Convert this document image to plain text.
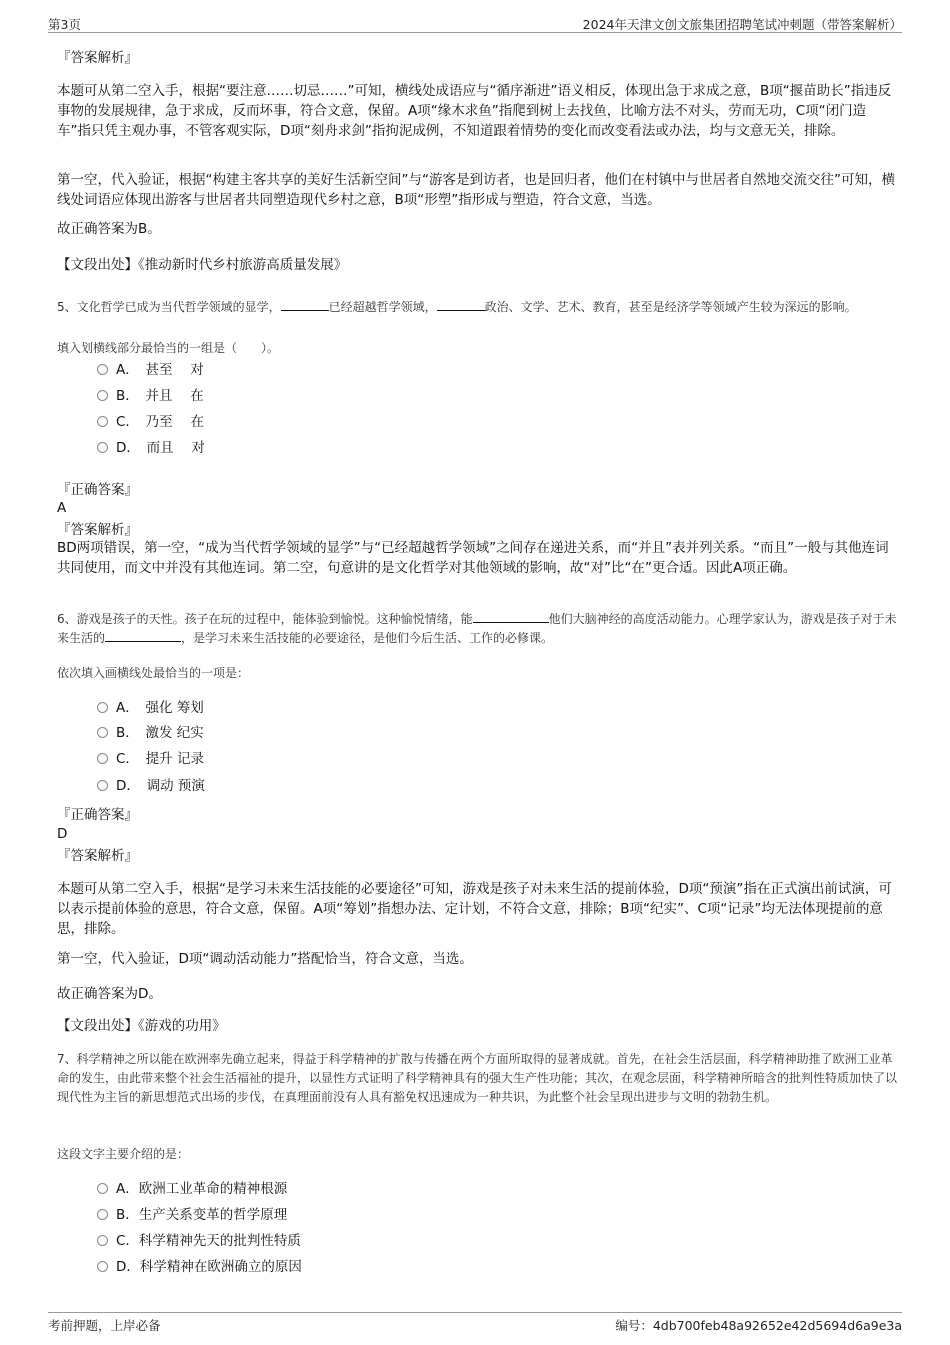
第3页	2024年天津文创文旅集团招聘笔试冲刺题（带答案解析）
『答案解析』
本题可从第二空入手，根据“要注意……切忌……”可知，横线处成语应与“循序渐进”语义相反，体现出急于求成之意，B项“揠苗助长”指违反事物的发展规律，急于求成，反而坏事，符合文意，保留。A项“缘木求鱼”指爬到树上去找鱼，比喻方法不对头，劳而无功，C项“闭门造车”指只凭主观办事，不管客观实际，D项“刻舟求剑”指拘泥成例，不知道跟着情势的变化而改变看法或办法，均与文意无关，排除。
第一空，代入验证，根据“构建主客共享的美好生活新空间”与“游客是到访者，也是回归者，他们在村镇中与世居者自然地交流交往”可知，横线处词语应体现出游客与世居者共同塑造现代乡村之意，B项“形塑”指形成与塑造，符合文意，当选。
故正确答案为B。
【文段出处】《推动新时代乡村旅游高质量发展》
5、文化哲学已成为当代哲学领域的显学，	已经超越哲学领域，	政治、文学、艺术、教育，甚至是经济学等领域产生较为深远的影响。
填入划横线部分最恰当的一组是（　　）。
A．　甚至　 对
B．　并且　 在
C．　乃至　 在
D．　而且　 对
『正确答案』
A
『答案解析』
BD两项错误，第一空，“成为当代哲学领域的显学”与“已经超越哲学领域”之间存在递进关系，而“并且”表并列关系。“而且”一般与其他连词共同使用，而文中并没有其他连词。第二空，句意讲的是文化哲学对其他领域的影响，故“对”比“在”更合适。因此A项正确。
6、游戏是孩子的天性。孩子在玩的过程中，能体验到愉悦。这种愉悦情绪，能	他们大脑神经的高度活动能力。心理学家认为，游戏是孩子对于未来生活的	，是学习未来生活技能的必要途径，是他们今后生活、工作的必修课。
依次填入画横线处最恰当的一项是：
A．　强化 筹划
B．　激发 纪实
C．　提升 记录
D．　调动 预演
『正确答案』
D
『答案解析』
本题可从第二空入手，根据“是学习未来生活技能的必要途径”可知，游戏是孩子对未来生活的提前体验，D项“预演”指在正式演出前试演，可以表示提前体验的意思，符合文意，保留。A项“筹划”指想办法、定计划，不符合文意，排除；B项“纪实”、C项“记录”均无法体现提前的意思，排除。
第一空，代入验证，D项“调动活动能力”搭配恰当，符合文意，当选。
故正确答案为D。
【文段出处】《游戏的功用》
7、科学精神之所以能在欧洲率先确立起来，得益于科学精神的扩散与传播在两个方面所取得的显著成就。首先，在社会生活层面，科学精神助推了欧洲工业革命的发生，由此带来整个社会生活福祉的提升，以显性方式证明了科学精神具有的强大生产性功能；其次，在观念层面，科学精神所暗含的批判性特质加快了以现代性为主旨的新思想范式出场的步伐，在真理面前没有人具有豁免权迅速成为一种共识，为此整个社会呈现出进步与文明的勃勃生机。
这段文字主要介绍的是：
A．欧洲工业革命的精神根源
B．生产关系变革的哲学原理
C．科学精神先天的批判性特质
D．科学精神在欧洲确立的原因
考前押题，上岸必备	编号：4db700feb48a92652e42d5694d6a9e3a
